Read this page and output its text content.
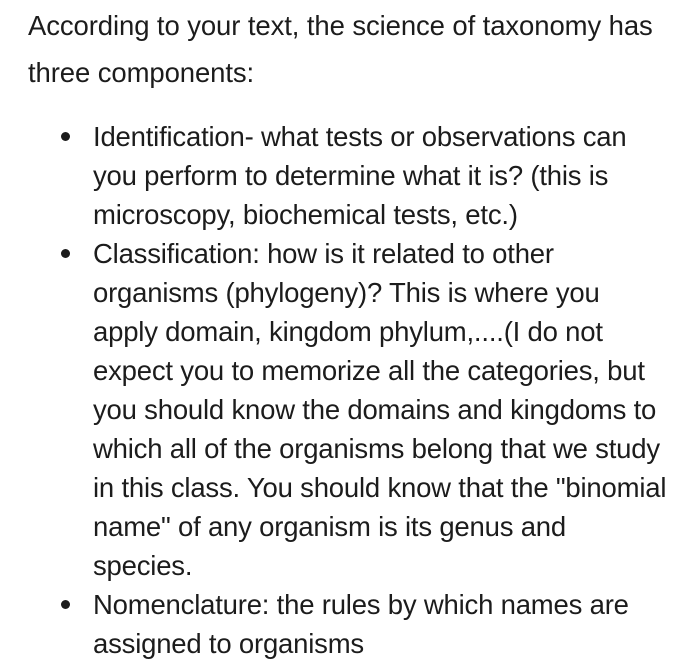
According to your text, the science of taxonomy has three components:

Identification- what tests or observations can you perform to determine what it is? (this is microscopy, biochemical tests, etc.)
Classification: how is it related to other organisms (phylogeny)? This is where you apply domain, kingdom phylum,....(I do not expect you to memorize all the categories, but you should know the domains and kingdoms to which all of the organisms belong that we study in this class. You should know that the "binomial name" of any organism is its genus and species.
Nomenclature: the rules by which names are assigned to organisms
